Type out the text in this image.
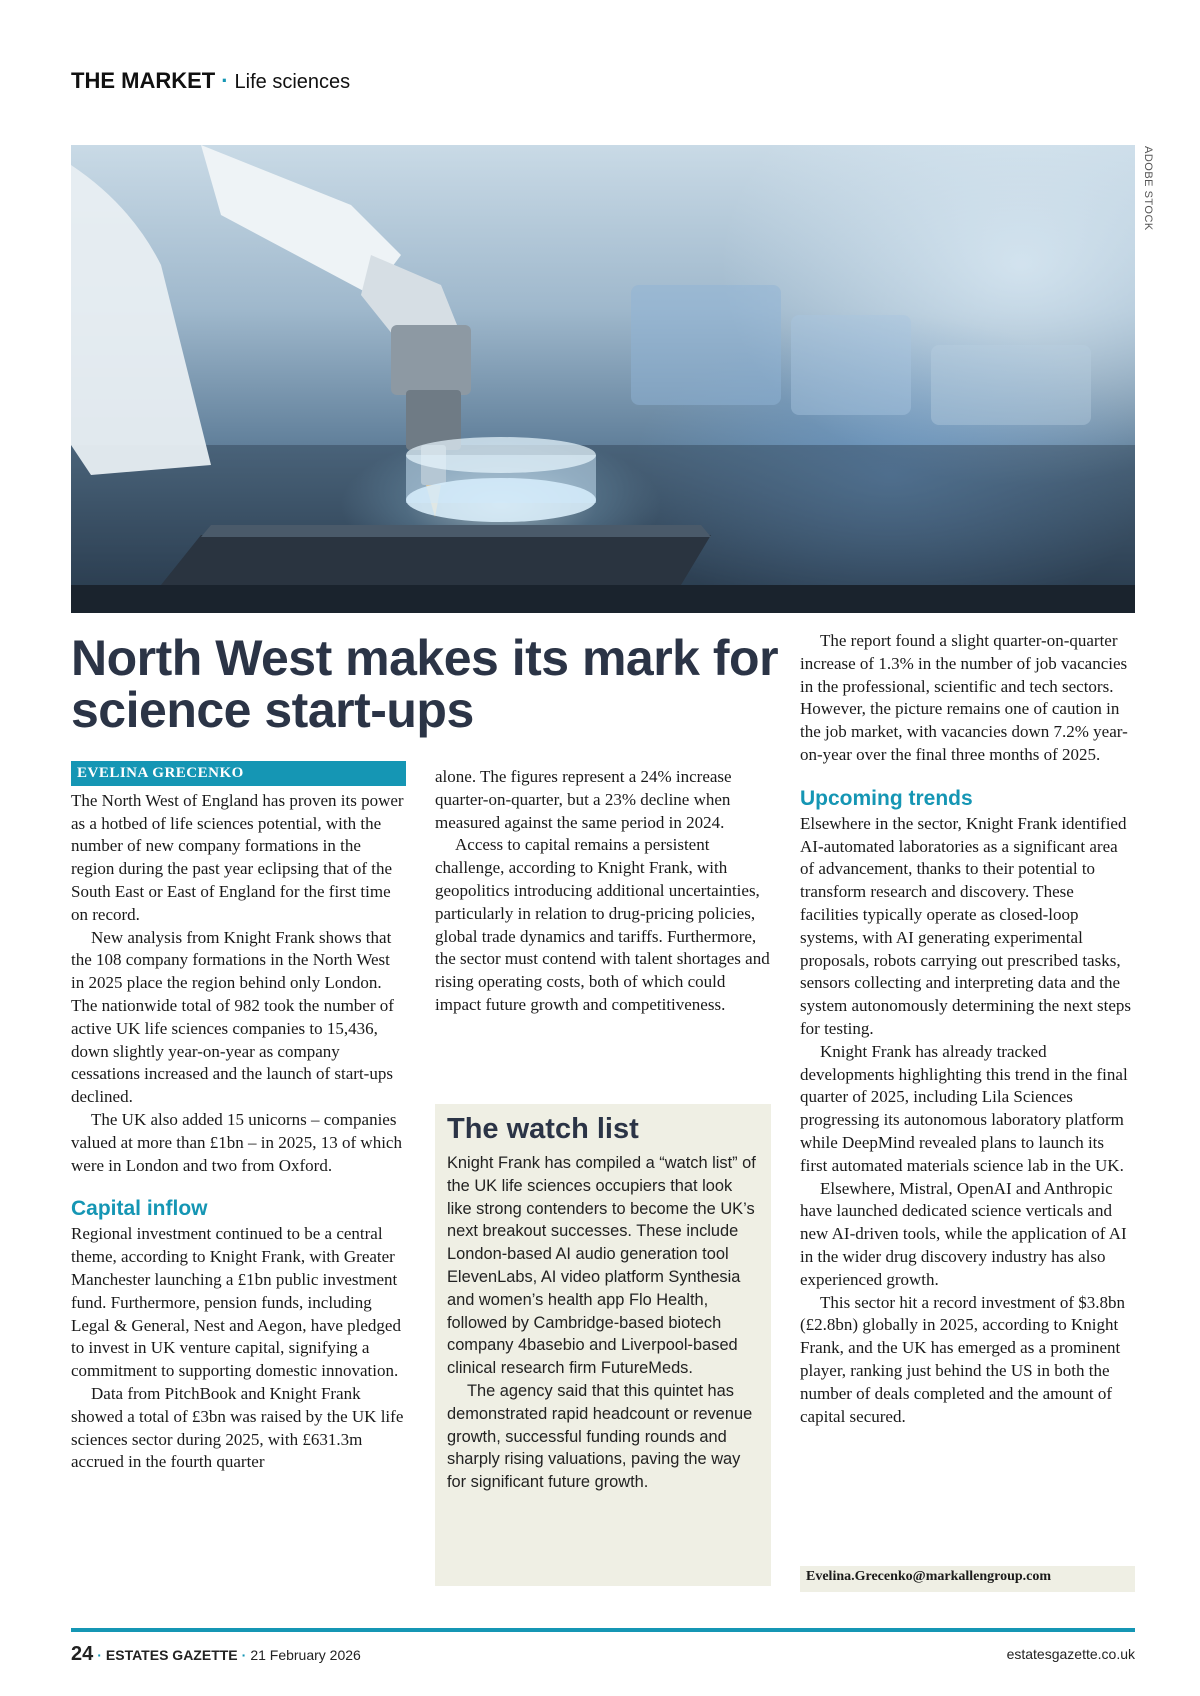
THE MARKET · Life sciences
ADOBE STOCK
North West makes its mark for science start-ups
EVELINA GRECENKO

The North West of England has proven its power as a hotbed of life sciences potential, with the number of new company formations in the region during the past year eclipsing that of the South East or East of England for the first time on record.

New analysis from Knight Frank shows that the 108 company formations in the North West in 2025 place the region behind only London. The nationwide total of 982 took the number of active UK life sciences companies to 15,436, down slightly year-on-year as company cessations increased and the launch of start-ups declined.

The UK also added 15 unicorns – companies valued at more than £1bn – in 2025, 13 of which were in London and two from Oxford.

Capital inflow

Regional investment continued to be a central theme, according to Knight Frank, with Greater Manchester launching a £1bn public investment fund. Furthermore, pension funds, including Legal & General, Nest and Aegon, have pledged to invest in UK venture capital, signifying a commitment to supporting domestic innovation.

Data from PitchBook and Knight Frank showed a total of £3bn was raised by the UK life sciences sector during 2025, with £631.3m accrued in the fourth quarter

alone. The figures represent a 24% increase quarter-on-quarter, but a 23% decline when measured against the same period in 2024.

Access to capital remains a persistent challenge, according to Knight Frank, with geopolitics introducing additional uncertainties, particularly in relation to drug-pricing policies, global trade dynamics and tariffs. Furthermore, the sector must contend with talent shortages and rising operating costs, both of which could impact future growth and competitiveness.

The watch list

Knight Frank has compiled a “watch list” of the UK life sciences occupiers that look like strong contenders to become the UK’s next breakout successes. These include London-based AI audio generation tool ElevenLabs, AI video platform Synthesia and women’s health app Flo Health, followed by Cambridge-based biotech company 4basebio and Liverpool-based clinical research firm FutureMeds.

The agency said that this quintet has demonstrated rapid headcount or revenue growth, successful funding rounds and sharply rising valuations, paving the way for significant future growth.

The report found a slight quarter-on-quarter increase of 1.3% in the number of job vacancies in the professional, scientific and tech sectors. However, the picture remains one of caution in the job market, with vacancies down 7.2% year-on-year over the final three months of 2025.

Upcoming trends

Elsewhere in the sector, Knight Frank identified AI-automated laboratories as a significant area of advancement, thanks to their potential to transform research and discovery. These facilities typically operate as closed-loop systems, with AI generating experimental proposals, robots carrying out prescribed tasks, sensors collecting and interpreting data and the system autonomously determining the next steps for testing.

Knight Frank has already tracked developments highlighting this trend in the final quarter of 2025, including Lila Sciences progressing its autonomous laboratory platform while DeepMind revealed plans to launch its first automated materials science lab in the UK.

Elsewhere, Mistral, OpenAI and Anthropic have launched dedicated science verticals and new AI-driven tools, while the application of AI in the wider drug discovery industry has also experienced growth.

This sector hit a record investment of $3.8bn (£2.8bn) globally in 2025, according to Knight Frank, and the UK has emerged as a prominent player, ranking just behind the US in both the number of deals completed and the amount of capital secured.

Evelina.Grecenko@markallengroup.com
24 · ESTATES GAZETTE · 21 February 2026	estatesgazette.co.uk
